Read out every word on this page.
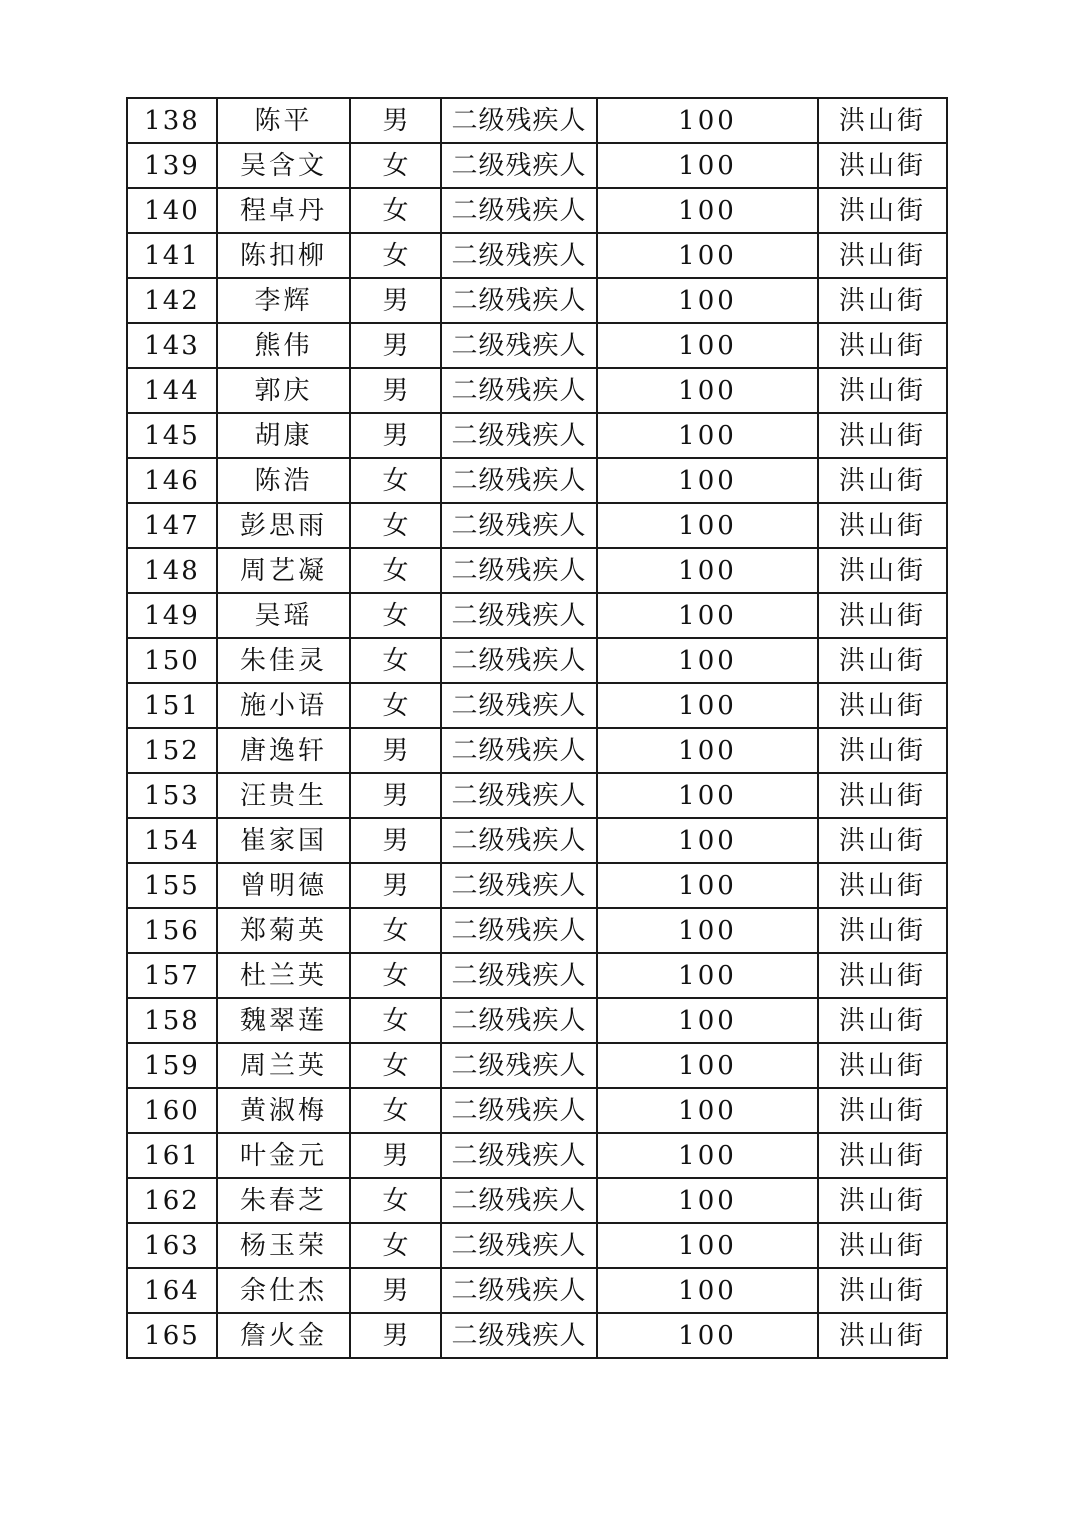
138	陈平	男	二级残疾人	100	洪山街
139	吴含文	女	二级残疾人	100	洪山街
140	程卓丹	女	二级残疾人	100	洪山街
141	陈扣柳	女	二级残疾人	100	洪山街
142	李辉	男	二级残疾人	100	洪山街
143	熊伟	男	二级残疾人	100	洪山街
144	郭庆	男	二级残疾人	100	洪山街
145	胡康	男	二级残疾人	100	洪山街
146	陈浩	女	二级残疾人	100	洪山街
147	彭思雨	女	二级残疾人	100	洪山街
148	周艺凝	女	二级残疾人	100	洪山街
149	吴瑶	女	二级残疾人	100	洪山街
150	朱佳灵	女	二级残疾人	100	洪山街
151	施小语	女	二级残疾人	100	洪山街
152	唐逸轩	男	二级残疾人	100	洪山街
153	汪贵生	男	二级残疾人	100	洪山街
154	崔家国	男	二级残疾人	100	洪山街
155	曾明德	男	二级残疾人	100	洪山街
156	郑菊英	女	二级残疾人	100	洪山街
157	杜兰英	女	二级残疾人	100	洪山街
158	魏翠莲	女	二级残疾人	100	洪山街
159	周兰英	女	二级残疾人	100	洪山街
160	黄淑梅	女	二级残疾人	100	洪山街
161	叶金元	男	二级残疾人	100	洪山街
162	朱春芝	女	二级残疾人	100	洪山街
163	杨玉荣	女	二级残疾人	100	洪山街
164	余仕杰	男	二级残疾人	100	洪山街
165	詹火金	男	二级残疾人	100	洪山街
